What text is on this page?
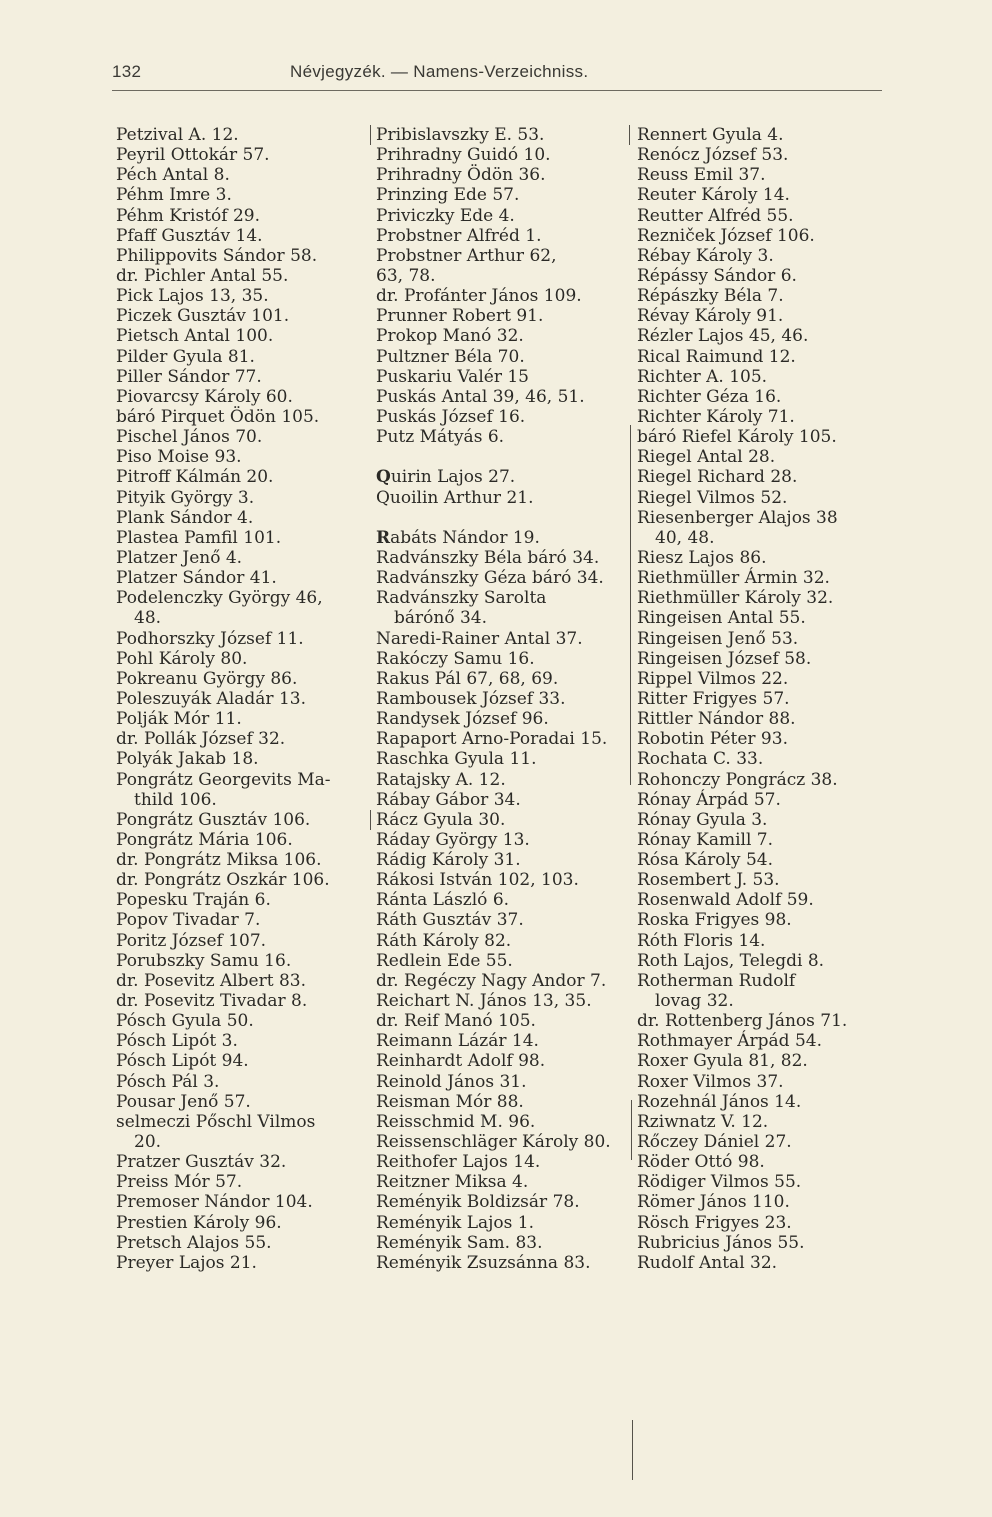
132	Névjegyzék. — Namens-Verzeichniss.
Petzival A. 12.
Peyril Ottokár 57.
Péch Antal 8.
Péhm Imre 3.
Péhm Kristóf 29.
Pfaff Gusztáv 14.
Philippovits Sándor 58.
dr. Pichler Antal 55.
Pick Lajos 13, 35.
Piczek Gusztáv 101.
Pietsch Antal 100.
Pilder Gyula 81.
Piller Sándor 77.
Piovarcsy Károly 60.
báró Pirquet Ödön 105.
Pischel János 70.
Piso Moise 93.
Pitroff Kálmán 20.
Pityik György 3.
Plank Sándor 4.
Plastea Pamfil 101.
Platzer Jenő 4.
Platzer Sándor 41.
Podelenczky György 46,
48.
Podhorszky József 11.
Pohl Károly 80.
Pokreanu György 86.
Poleszuyák Aladár 13.
Polják Mór 11.
dr. Pollák József 32.
Polyák Jakab 18.
Pongrátz Georgevits Ma-
thild 106.
Pongrátz Gusztáv 106.
Pongrátz Mária 106.
dr. Pongrátz Miksa 106.
dr. Pongrátz Oszkár 106.
Popesku Traján 6.
Popov Tivadar 7.
Poritz József 107.
Porubszky Samu 16.
dr. Posevitz Albert 83.
dr. Posevitz Tivadar 8.
Pósch Gyula 50.
Pósch Lipót 3.
Pósch Lipót 94.
Pósch Pál 3.
Pousar Jenő 57.
selmeczi Pőschl Vilmos
20.
Pratzer Gusztáv 32.
Preiss Mór 57.
Premoser Nándor 104.
Prestien Károly 96.
Pretsch Alajos 55.
Preyer Lajos 21.
Pribislavszky E. 53.
Prihradny Guidó 10.
Prihradny Ödön 36.
Prinzing Ede 57.
Priviczky Ede 4.
Probstner Alfréd 1.
Probstner Arthur 62,
63, 78.
dr. Profánter János 109.
Prunner Robert 91.
Prokop Manó 32.
Pultzner Béla 70.
Puskariu Valér 15
Puskás Antal 39, 46, 51.
Puskás József 16.
Putz Mátyás 6.
Quirin Lajos 27.
Quoilin Arthur 21.
Rabáts Nándor 19.
Radvánszky Béla báró 34.
Radvánszky Géza báró 34.
Radvánszky Sarolta
bárónő 34.
Naredi-Rainer Antal 37.
Rakóczy Samu 16.
Rakus Pál 67, 68, 69.
Rambousek József 33.
Randysek József 96.
Rapaport Arno-Poradai 15.
Raschka Gyula 11.
Ratajsky A. 12.
Rábay Gábor 34.
Rácz Gyula 30.
Ráday György 13.
Rádig Károly 31.
Rákosi István 102, 103.
Ránta László 6.
Ráth Gusztáv 37.
Ráth Károly 82.
Redlein Ede 55.
dr. Regéczy Nagy Andor 7.
Reichart N. János 13, 35.
dr. Reif Manó 105.
Reimann Lázár 14.
Reinhardt Adolf 98.
Reinold János 31.
Reisman Mór 88.
Reisschmid M. 96.
Reissenschläger Károly 80.
Reithofer Lajos 14.
Reitzner Miksa 4.
Reményik Boldizsár 78.
Reményik Lajos 1.
Reményik Sam. 83.
Reményik Zsuzsánna 83.
Rennert Gyula 4.
Renócz József 53.
Reuss Emil 37.
Reuter Károly 14.
Reutter Alfréd 55.
Rezniček József 106.
Rébay Károly 3.
Répássy Sándor 6.
Répászky Béla 7.
Révay Károly 91.
Rézler Lajos 45, 46.
Rical Raimund 12.
Richter A. 105.
Richter Géza 16.
Richter Károly 71.
báró Riefel Károly 105.
Riegel Antal 28.
Riegel Richard 28.
Riegel Vilmos 52.
Riesenberger Alajos 38
40, 48.
Riesz Lajos 86.
Riethmüller Ármin 32.
Riethmüller Károly 32.
Ringeisen Antal 55.
Ringeisen Jenő 53.
Ringeisen József 58.
Rippel Vilmos 22.
Ritter Frigyes 57.
Rittler Nándor 88.
Robotin Péter 93.
Rochata C. 33.
Rohonczy Pongrácz 38.
Rónay Árpád 57.
Rónay Gyula 3.
Rónay Kamill 7.
Rósa Károly 54.
Rosembert J. 53.
Rosenwald Adolf 59.
Roska Frigyes 98.
Róth Floris 14.
Roth Lajos, Telegdi 8.
Rotherman Rudolf
lovag 32.
dr. Rottenberg János 71.
Rothmayer Árpád 54.
Roxer Gyula 81, 82.
Roxer Vilmos 37.
Rozehnál János 14.
Rziwnatz V. 12.
Rőczey Dániel 27.
Röder Ottó 98.
Rödiger Vilmos 55.
Römer János 110.
Rösch Frigyes 23.
Rubricius János 55.
Rudolf Antal 32.
